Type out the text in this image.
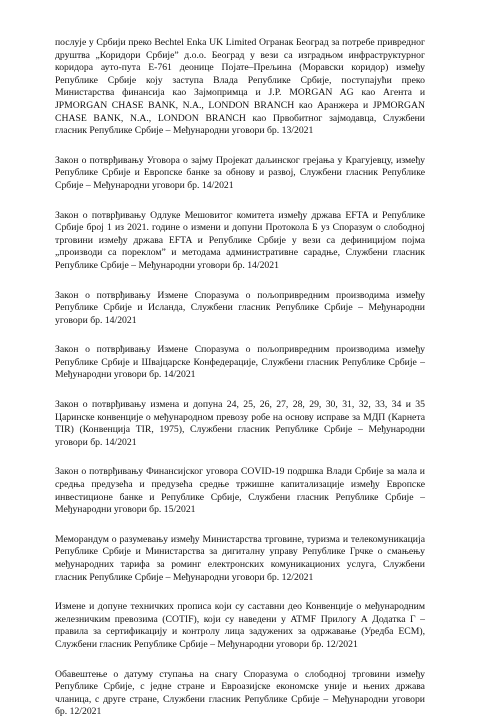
послује у Србији преко Bechtel Enka UK Limited Огранак Београд за потребе привредног друштва „Коридори Србије” д.о.о. Београд у вези са изградњом инфраструктурног коридора ауто-пута Е-761 деонице Појате–Прељина (Моравски коридор) између Републике Србије коју заступа Влада Републике Србије, поступајући преко Министарства финансија као Зајмопримца и J.P. MORGAN AG као Агента и JPMORGAN CHASE BANK, N.A., LONDON BRANCH као Аранжера и JPMORGAN CHASE BANK, N.A., LONDON BRANCH као Првобитног зајмодавца, Службени гласник Републике Србије – Међународни уговори бр. 13/2021

Закон о потврђивању Уговора о зајму Пројекат даљинског грејања у Крагујевцу, између Републике Србије и Европске банке за обнову и развој, Службени гласник Републике Србије – Међународни уговори бр. 14/2021

Закон о потврђивању Одлуке Мешовитог комитета између држава EFTA и Републике Србије број 1 из 2021. године о измени и допуни Протокола Б уз Споразум о слободној трговини између држава EFTA и Републике Србије у вези са дефиницијом појма „производи са пореклом” и методама административне сарадње, Службени гласник Републике Србије – Међународни уговори бр. 14/2021

Закон о потврђивању Измене Споразума о пољопривредним производима између Републике Србије и Исланда, Службени гласник Републике Србије – Међународни уговори бр. 14/2021

Закон о потврђивању Измене Споразума о пољопривредним производима између Републике Србије и Швајцарске Конфедерације, Службени гласник Републике Србије – Међународни уговори бр. 14/2021

Закон о потврђивању измена и допуна 24, 25, 26, 27, 28, 29, 30, 31, 32, 33, 34 и 35 Царинске конвенције о међународном превозу робе на основу исправе за МДП (Карнета TIR) (Конвенција TIR, 1975), Службени гласник Републике Србије – Међународни уговори бр. 14/2021

Закон о потврђивању Финансијског уговора COVID-19 подршка Влади Србије за мала и средња предузећа и предузећа средње тржишне капитализације између Европске инвестиционе банке и Републике Србије, Службени гласник Републике Србије – Међународни уговори бр. 15/2021

Меморандум о разумевању између Министарства трговине, туризма и телекомуникација Републике Србије и Министарства за дигиталну управу Републике Грчке о смањењу међународних тарифа за роминг електронских комуникационих услуга, Службени гласник Републике Србије – Међународни уговори бр. 12/2021

Измене и допуне техничких прописа који су саставни део Конвенције о међународним железничким превозима (COTIF), који су наведени у ATMF Прилогу А Додатка Г – правила за сертификацију и контролу лица задужених за одржавање (Уредба ЕСМ), Службени гласник Републике Србије – Међународни уговори бр. 12/2021

Обавештење о датуму ступања на снагу Споразума о слободној трговини између Републике Србије, с једне стране и Евроазијске економске уније и њених држава чланица, с друге стране, Службени гласник Републике Србије – Међународни уговори бр. 12/2021
